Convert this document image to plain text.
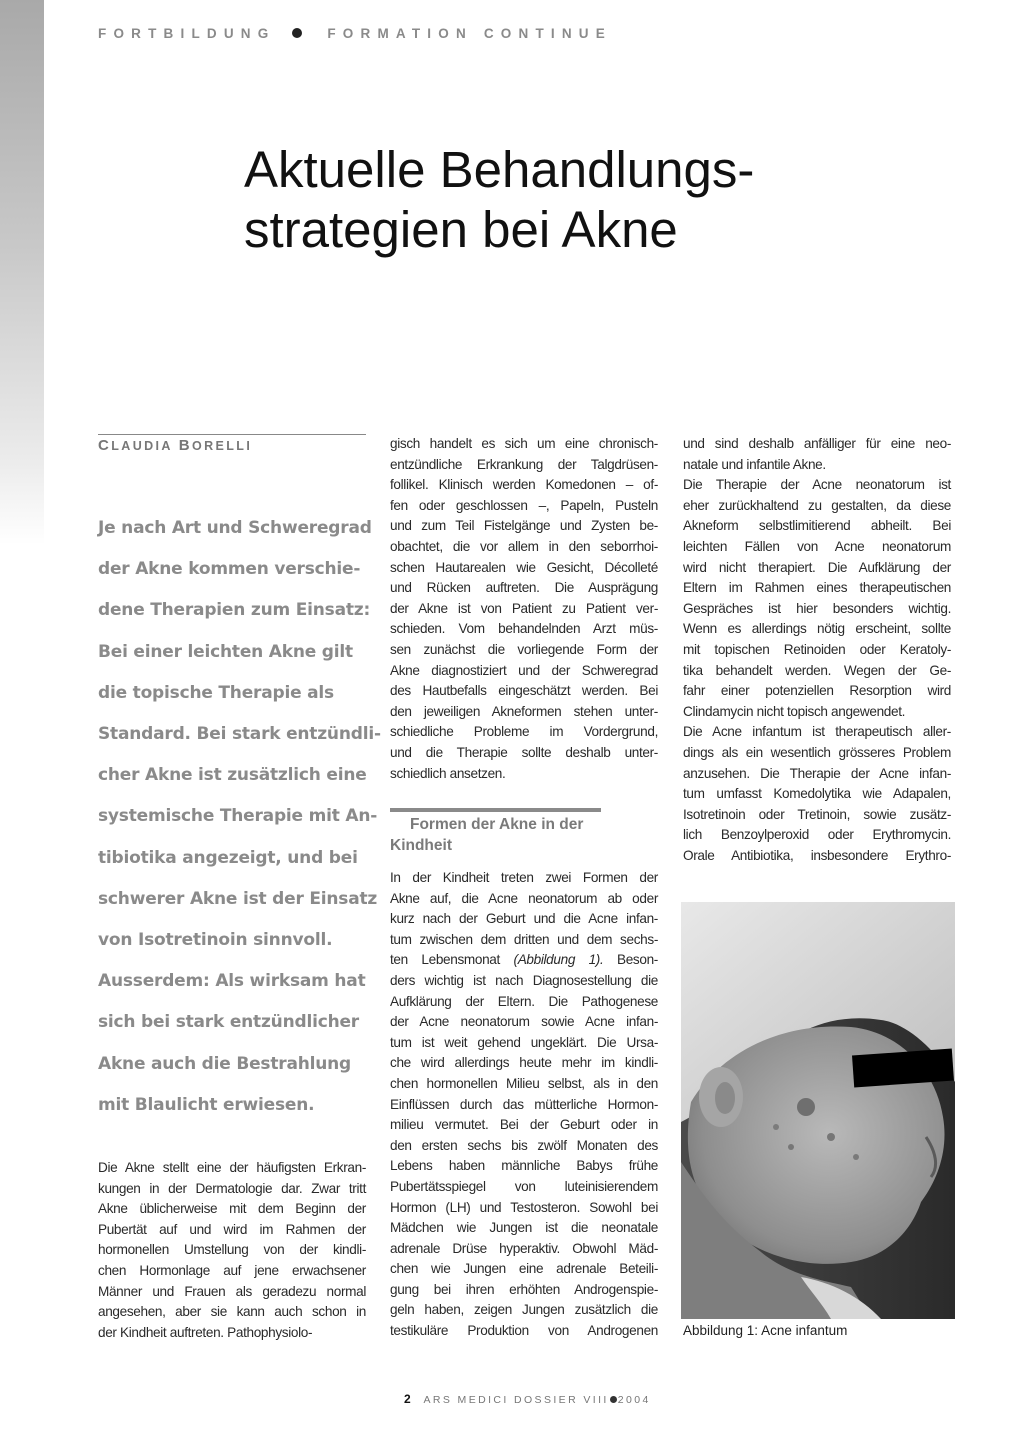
FORTBILDUNG	FORMATION CONTINUE
Aktuelle Behandlungs-
strategien bei Akne
CLAUDIA BORELLI
Je nach Art und Schweregrad
der Akne kommen verschie-
dene Therapien zum Einsatz:
Bei einer leichten Akne gilt
die topische Therapie als
Standard. Bei stark entzündli-
cher Akne ist zusätzlich eine
systemische Therapie mit An-
tibiotika angezeigt, und bei
schwerer Akne ist der Einsatz
von Isotretinoin sinnvoll.
Ausserdem: Als wirksam hat
sich bei stark entzündlicher
Akne auch die Bestrahlung
mit Blaulicht erwiesen.
Die Akne stellt eine der häufigsten Erkran-
kungen in der Dermatologie dar. Zwar tritt
Akne üblicherweise mit dem Beginn der
Pubertät auf und wird im Rahmen der
hormonellen Umstellung von der kindli-
chen Hormonlage auf jene erwachsener
Männer und Frauen als geradezu normal
angesehen, aber sie kann auch schon in
der Kindheit auftreten. Pathophysiolo-
gisch handelt es sich um eine chronisch-
entzündliche Erkrankung der Talgdrüsen-
follikel. Klinisch werden Komedonen – of-
fen oder geschlossen –, Papeln, Pusteln
und zum Teil Fistelgänge und Zysten be-
obachtet, die vor allem in den seborrhoi-
schen Hautarealen wie Gesicht, Décolleté
und Rücken auftreten. Die Ausprägung
der Akne ist von Patient zu Patient ver-
schieden. Vom behandelnden Arzt müs-
sen zunächst die vorliegende Form der
Akne diagnostiziert und der Schweregrad
des Hautbefalls eingeschätzt werden. Bei
den jeweiligen Akneformen stehen unter-
schiedliche Probleme im Vordergrund,
und die Therapie sollte deshalb unter-
schiedlich ansetzen.
Formen der Akne in der
Kindheit
In der Kindheit treten zwei Formen der
Akne auf, die Acne neonatorum ab oder
kurz nach der Geburt und die Acne infan-
tum zwischen dem dritten und dem sechs-
ten Lebensmonat (Abbildung 1). Beson-
ders wichtig ist nach Diagnosestellung die
Aufklärung der Eltern. Die Pathogenese
der Acne neonatorum sowie Acne infan-
tum ist weit gehend ungeklärt. Die Ursa-
che wird allerdings heute mehr im kindli-
chen hormonellen Milieu selbst, als in den
Einflüssen durch das mütterliche Hormon-
milieu vermutet. Bei der Geburt oder in
den ersten sechs bis zwölf Monaten des
Lebens haben männliche Babys frühe
Pubertätsspiegel von luteinisierendem
Hormon (LH) und Testosteron. Sowohl bei
Mädchen wie Jungen ist die neonatale
adrenale Drüse hyperaktiv. Obwohl Mäd-
chen wie Jungen eine adrenale Beteili-
gung bei ihren erhöhten Androgenspie-
geln haben, zeigen Jungen zusätzlich die
testikuläre Produktion von Androgenen
und sind deshalb anfälliger für eine neo-
natale und infantile Akne.
Die Therapie der Acne neonatorum ist
eher zurückhaltend zu gestalten, da diese
Akneform selbstlimitierend abheilt. Bei
leichten Fällen von Acne neonatorum
wird nicht therapiert. Die Aufklärung der
Eltern im Rahmen eines therapeutischen
Gespräches ist hier besonders wichtig.
Wenn es allerdings nötig erscheint, sollte
mit topischen Retinoiden oder Keratoly-
tika behandelt werden. Wegen der Ge-
fahr einer potenziellen Resorption wird
Clindamycin nicht topisch angewendet.
Die Acne infantum ist therapeutisch aller-
dings als ein wesentlich grösseres Problem
anzusehen. Die Therapie der Acne infan-
tum umfasst Komedolytika wie Adapalen,
Isotretinoin oder Tretinoin, sowie zusätz-
lich Benzoylperoxid oder Erythromycin.
Orale Antibiotika, insbesondere Erythro-
Abbildung 1: Acne infantum
2 ARS MEDICI DOSSIER VIII 2004
